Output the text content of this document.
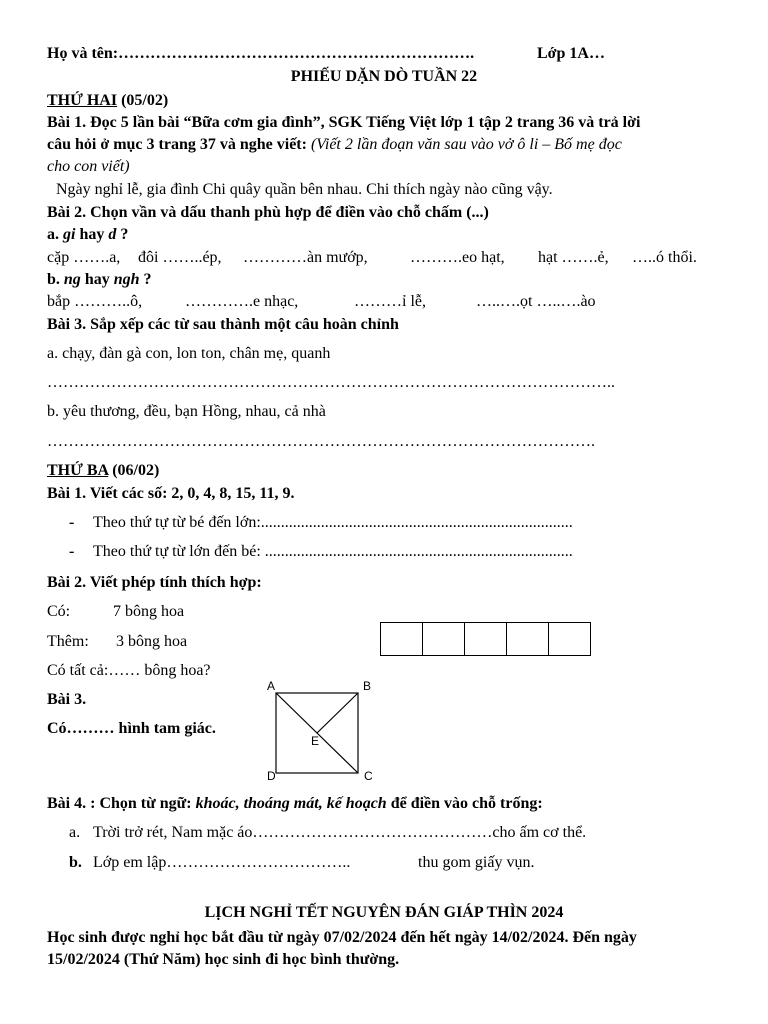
Họ và tên:………………………………………………………….	Lớp 1A…
PHIẾU DẶN DÒ TUẦN 22
THỨ HAI (05/02)
Bài 1. Đọc 5 lần bài “Bữa cơm gia đình”, SGK Tiếng Việt lớp 1 tập 2 trang 36 và trả lời
câu hỏi ở mục 3 trang 37 và nghe viết: (Viết 2 lần đoạn văn sau vào vở ô li – Bố mẹ đọc
cho con viết)
Ngày nghỉ lễ, gia đình Chi quây quần bên nhau. Chi thích ngày nào cũng vậy.
Bài 2. Chọn vần và dấu thanh phù hợp để điền vào chỗ chấm (...)
a. gi hay d ?
cặp …….a, đôi ……..ép, …………àn mướp,	……….eo hạt, hạt …….ẻ, …..ó thổi.
b. ng hay ngh ?
bắp ………..ô,	………….e nhạc,	………ỉ lễ,	…..….ọt …..….ào
Bài 3. Sắp xếp các từ sau thành một câu hoàn chỉnh
a. chạy, đàn gà con, lon ton, chân mẹ, quanh
……………………………………………………………………………………………..
b. yêu thương, đều, bạn Hồng, nhau, cả nhà
………………………………………………………………………………………….
THỨ BA (06/02)
Bài 1. Viết các số: 2, 0, 4, 8, 15, 11, 9.
- Theo thứ tự từ bé đến lớn:..............................................................................
- Theo thứ tự từ lớn đến bé: .............................................................................
Bài 2. Viết phép tính thích hợp:
Có:	7 bông hoa
Thêm: 3 bông hoa
Có tất cả:…… bông hoa?
Bài 3.
Có……… hình tam giác.
A	B
C
D
E
Bài 4. : Chọn từ ngữ: khoác, thoáng mát, kế hoạch để điền vào chỗ trống:
a. Trời trở rét, Nam mặc áo………………………………………cho ấm cơ thể.
b. Lớp em lập……………………………..	thu gom giấy vụn.
LỊCH NGHỈ TẾT NGUYÊN ĐÁN GIÁP THÌN 2024
Học sinh được nghỉ học bắt đầu từ ngày 07/02/2024 đến hết ngày 14/02/2024. Đến ngày
15/02/2024 (Thứ Năm) học sinh đi học bình thường.
